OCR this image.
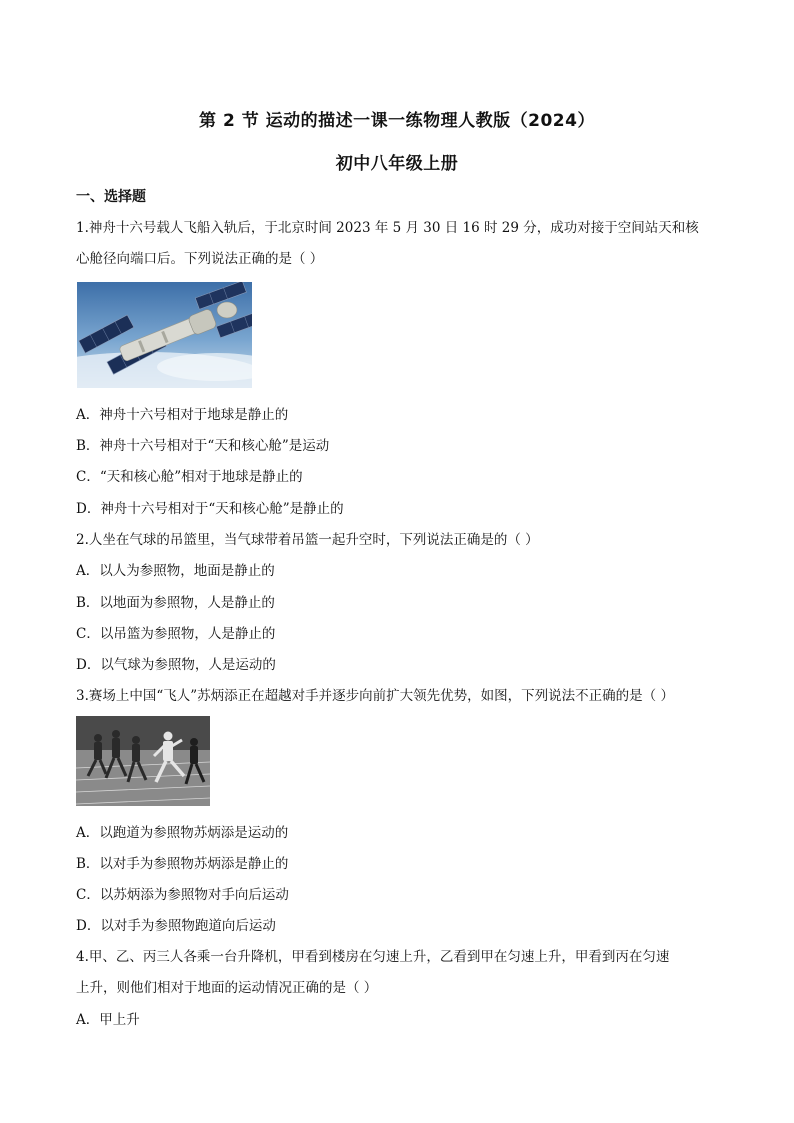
第 2 节 运动的描述一课一练物理人教版（2024）
初中八年级上册
一、选择题
1.神舟十六号载人飞船入轨后，于北京时间 2023 年 5 月 30 日 16 时 29 分，成功对接于空间站天和核
心舱径向端口后。下列说法正确的是（ ）
A．神舟十六号相对于地球是静止的
B．神舟十六号相对于“天和核心舱”是运动
C．“天和核心舱”相对于地球是静止的
D．神舟十六号相对于“天和核心舱”是静止的
2.人坐在气球的吊篮里，当气球带着吊篮一起升空时，下列说法正确是的（ ）
A．以人为参照物，地面是静止的
B．以地面为参照物，人是静止的
C．以吊篮为参照物，人是静止的
D．以气球为参照物，人是运动的
3.赛场上中国“飞人”苏炳添正在超越对手并逐步向前扩大领先优势，如图，下列说法不正确的是（ ）
A．以跑道为参照物苏炳添是运动的
B．以对手为参照物苏炳添是静止的
C．以苏炳添为参照物对手向后运动
D．以对手为参照物跑道向后运动
4.甲、乙、丙三人各乘一台升降机，甲看到楼房在匀速上升，乙看到甲在匀速上升，甲看到丙在匀速
上升，则他们相对于地面的运动情况正确的是（ ）
A．甲上升
